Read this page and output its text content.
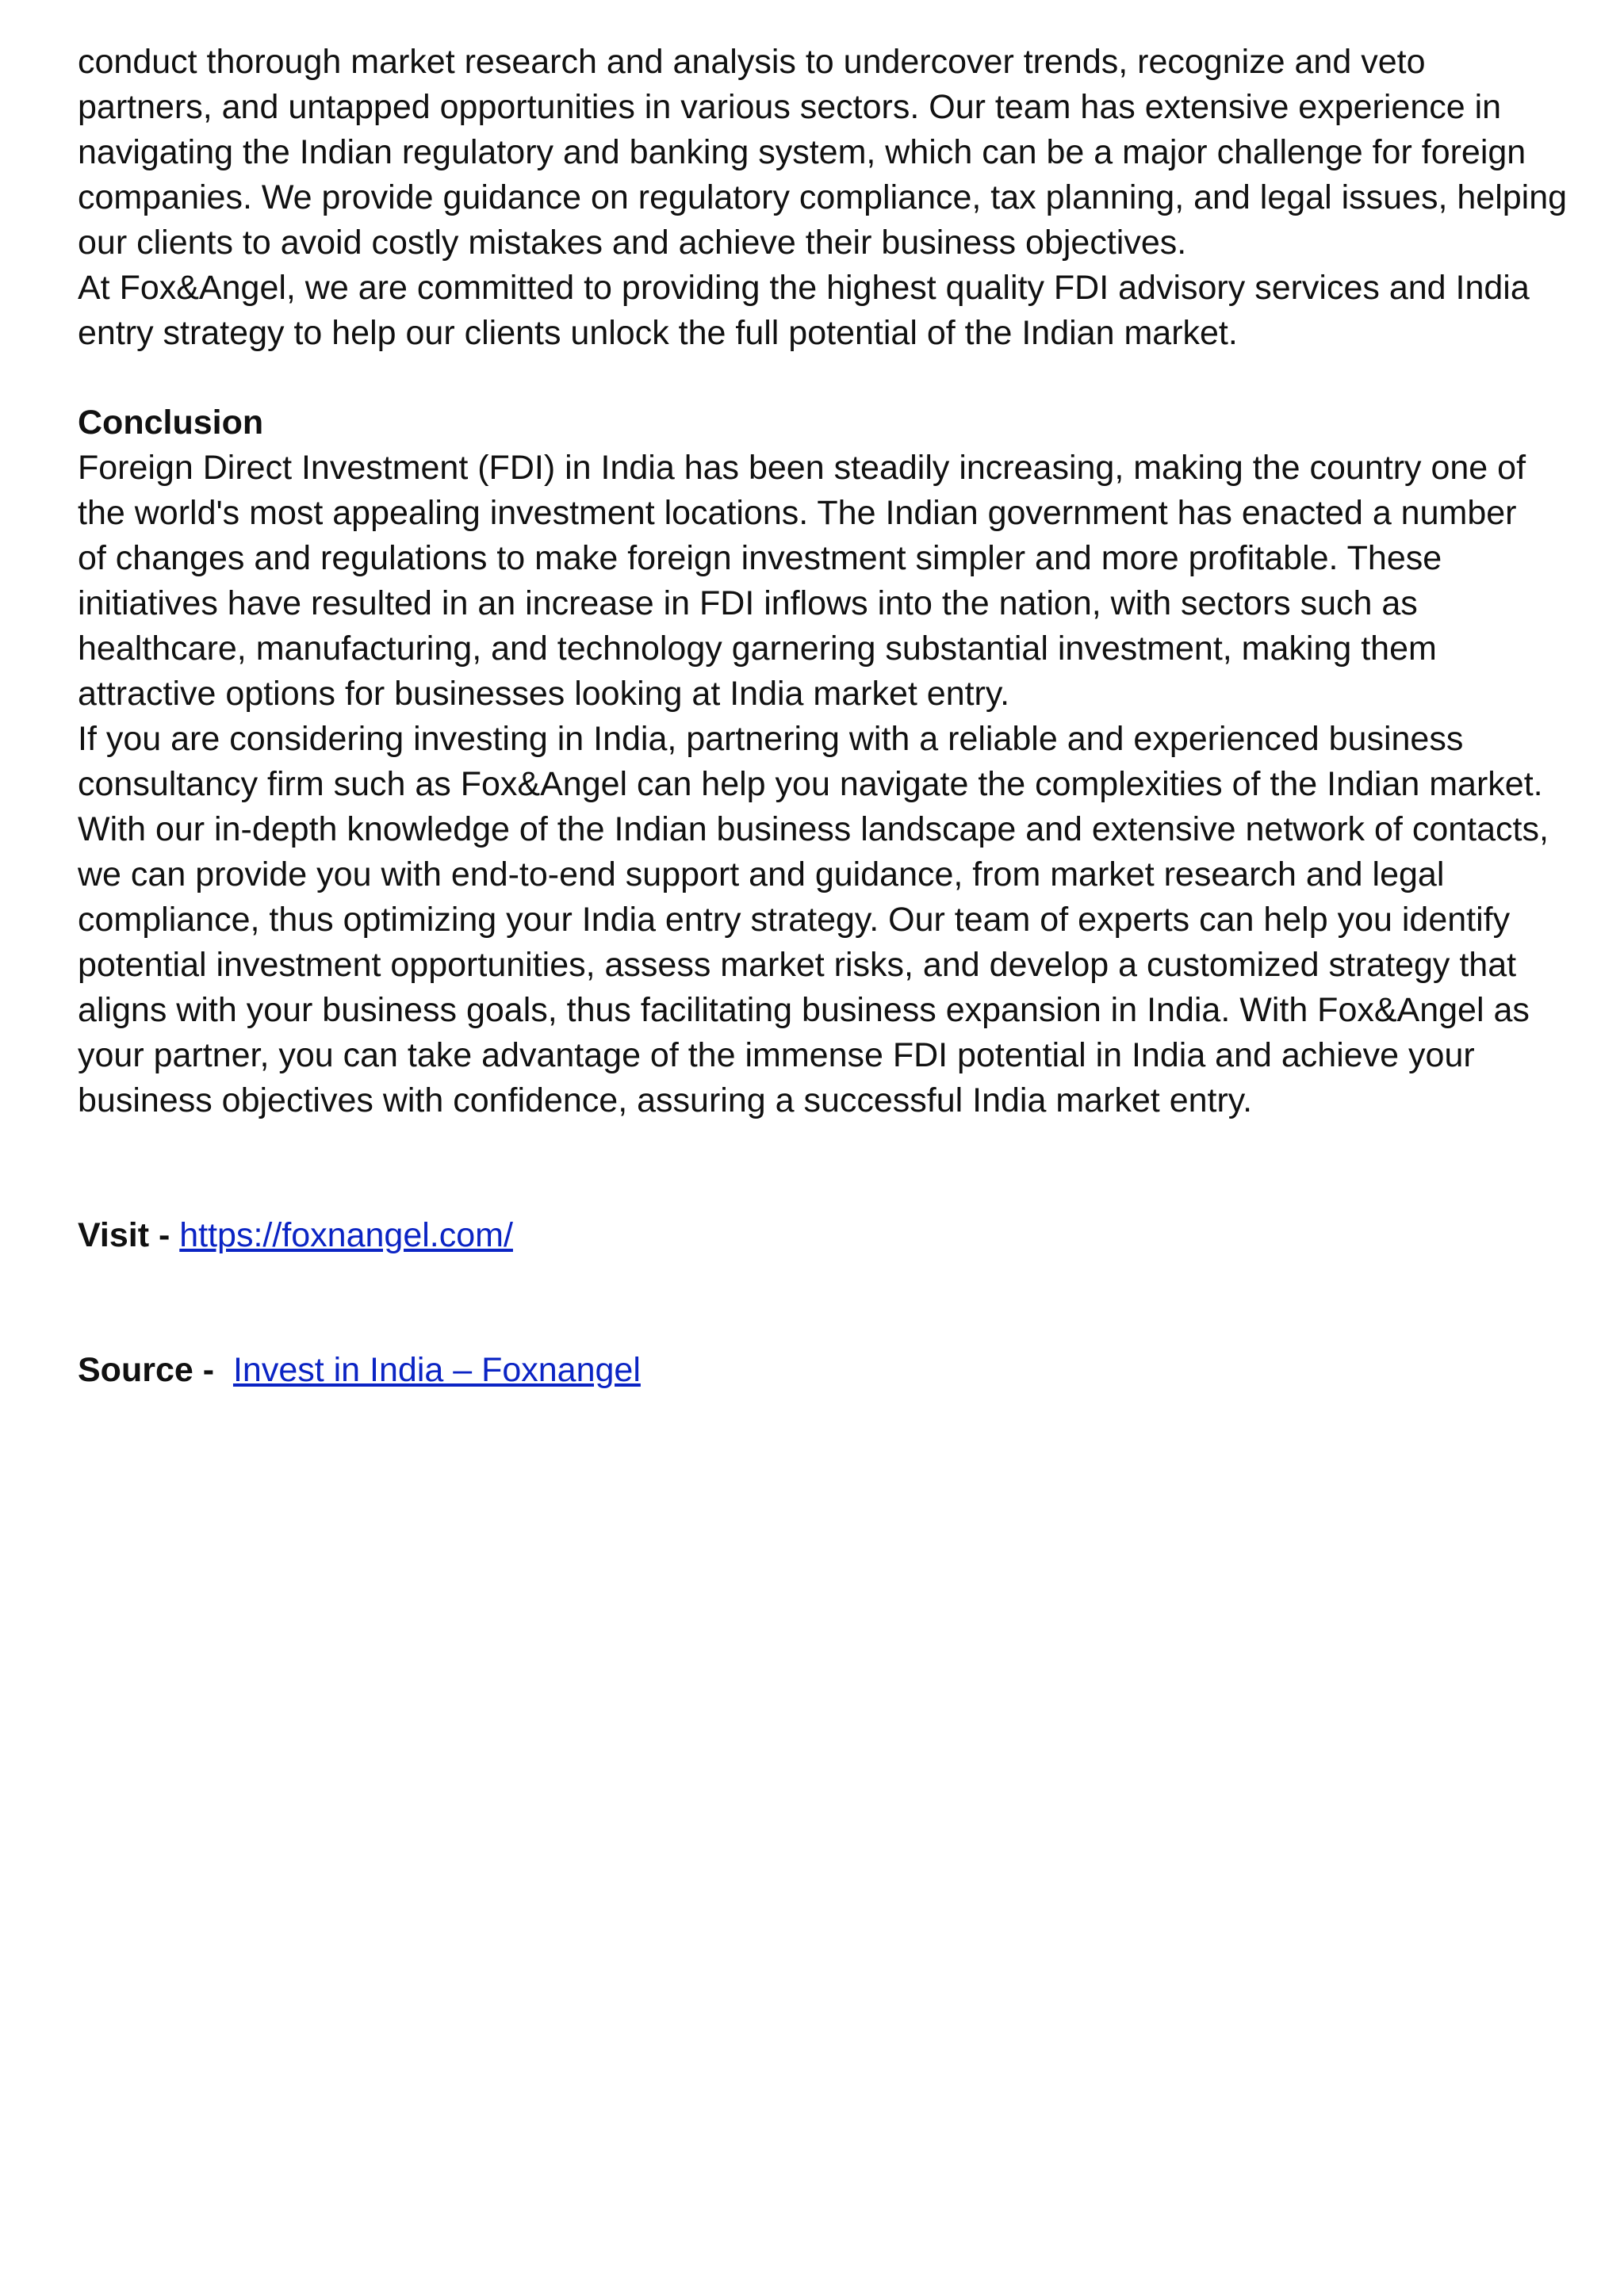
conduct thorough market research and analysis to undercover trends, recognize and veto
partners, and untapped opportunities in various sectors. Our team has extensive experience in
navigating the Indian regulatory and banking system, which can be a major challenge for foreign
companies. We provide guidance on regulatory compliance, tax planning, and legal issues, helping
our clients to avoid costly mistakes and achieve their business objectives.

At Fox&Angel, we are committed to providing the highest quality FDI advisory services and India
entry strategy to help our clients unlock the full potential of the Indian market.

Conclusion

Foreign Direct Investment (FDI) in India has been steadily increasing, making the country one of
the world's most appealing investment locations. The Indian government has enacted a number
of changes and regulations to make foreign investment simpler and more profitable. These
initiatives have resulted in an increase in FDI inflows into the nation, with sectors such as
healthcare, manufacturing, and technology garnering substantial investment, making them
attractive options for businesses looking at India market entry.

If you are considering investing in India, partnering with a reliable and experienced business
consultancy firm such as Fox&Angel can help you navigate the complexities of the Indian market.
With our in-depth knowledge of the Indian business landscape and extensive network of contacts,
we can provide you with end-to-end support and guidance, from market research and legal
compliance, thus optimizing your India entry strategy. Our team of experts can help you identify
potential investment opportunities, assess market risks, and develop a customized strategy that
aligns with your business goals, thus facilitating business expansion in India. With Fox&Angel as
your partner, you can take advantage of the immense FDI potential in India and achieve your
business objectives with confidence, assuring a successful India market entry.

Visit - https://foxnangel.com/

Source -  Invest in India – Foxnangel
